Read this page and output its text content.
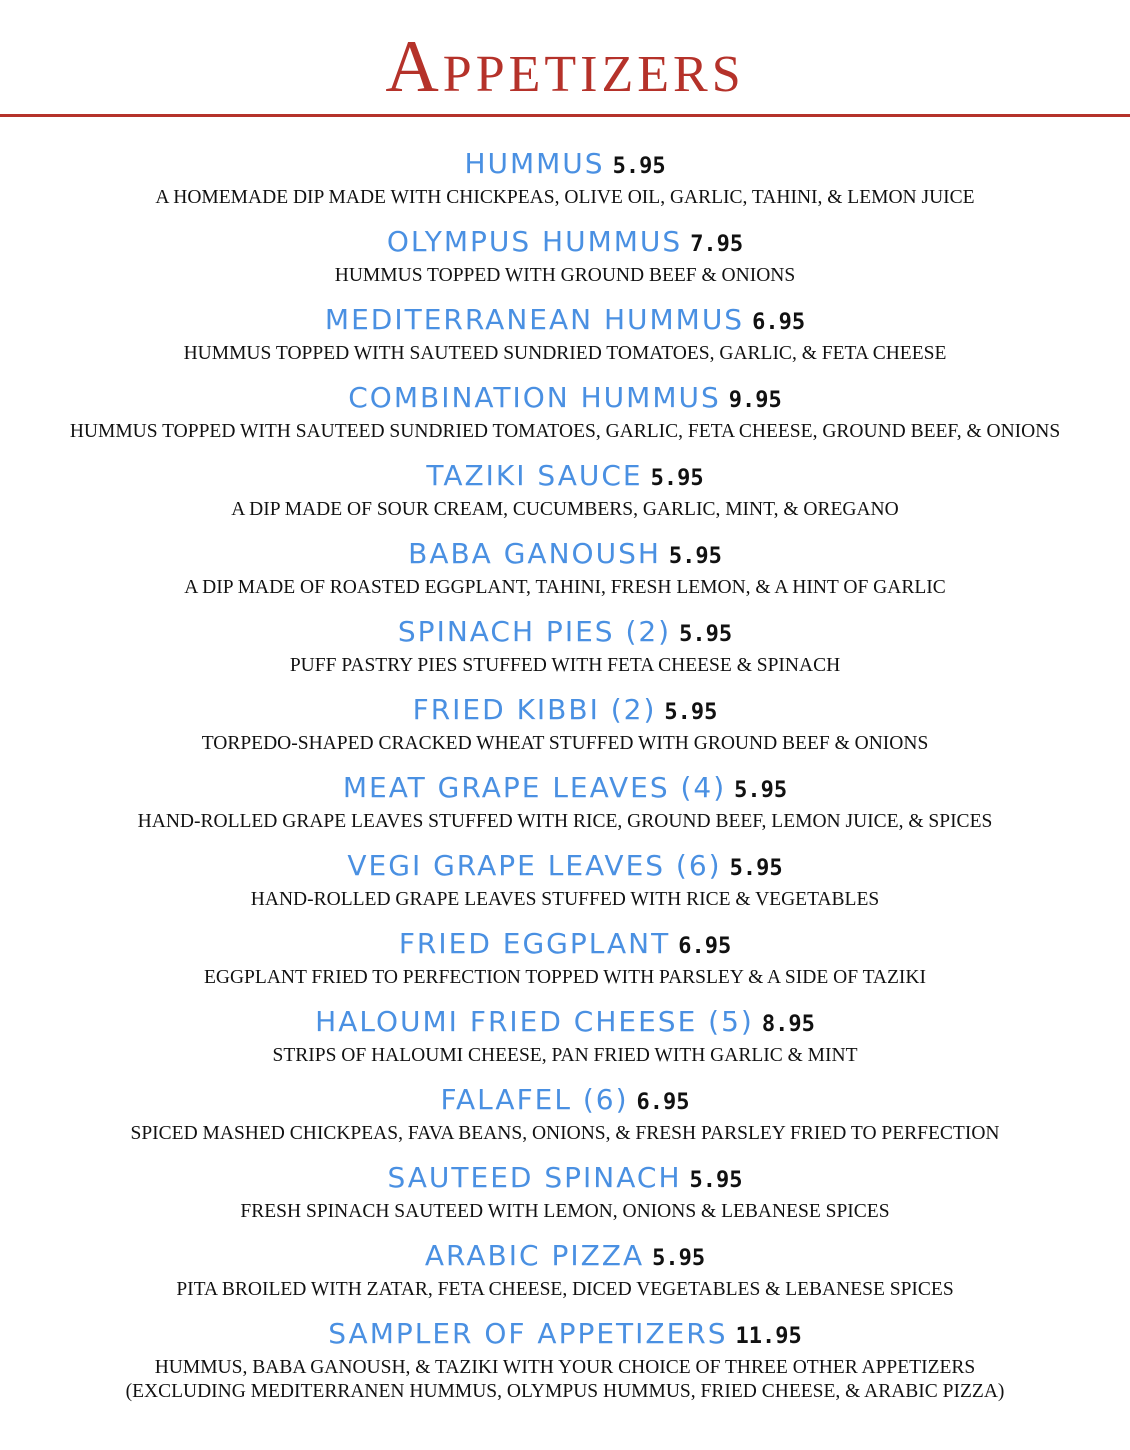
Appetizers
HUMMUS 5.95
A HOMEMADE DIP MADE WITH CHICKPEAS, OLIVE OIL, GARLIC, TAHINI, & LEMON JUICE
OLYMPUS HUMMUS 7.95
HUMMUS TOPPED WITH GROUND BEEF & ONIONS
MEDITERRANEAN HUMMUS 6.95
HUMMUS TOPPED WITH SAUTEED SUNDRIED TOMATOES, GARLIC, & FETA CHEESE
COMBINATION HUMMUS 9.95
HUMMUS TOPPED WITH SAUTEED SUNDRIED TOMATOES, GARLIC, FETA CHEESE, GROUND BEEF, & ONIONS
TAZIKI SAUCE 5.95
A DIP MADE OF SOUR CREAM, CUCUMBERS, GARLIC, MINT, & OREGANO
BABA GANOUSH 5.95
A DIP MADE OF ROASTED EGGPLANT, TAHINI, FRESH LEMON, & A HINT OF GARLIC
SPINACH PIES (2) 5.95
PUFF PASTRY PIES STUFFED WITH FETA CHEESE & SPINACH
FRIED KIBBI (2) 5.95
TORPEDO-SHAPED CRACKED WHEAT STUFFED WITH GROUND BEEF & ONIONS
MEAT GRAPE LEAVES (4) 5.95
HAND-ROLLED GRAPE LEAVES STUFFED WITH RICE, GROUND BEEF, LEMON JUICE, & SPICES
VEGI GRAPE LEAVES (6) 5.95
HAND-ROLLED GRAPE LEAVES STUFFED WITH RICE & VEGETABLES
FRIED EGGPLANT 6.95
EGGPLANT FRIED TO PERFECTION TOPPED WITH PARSLEY & A SIDE OF TAZIKI
HALOUMI FRIED CHEESE (5) 8.95
STRIPS OF HALOUMI CHEESE, PAN FRIED WITH GARLIC & MINT
FALAFEL (6) 6.95
SPICED MASHED CHICKPEAS, FAVA BEANS, ONIONS, & FRESH PARSLEY FRIED TO PERFECTION
SAUTEED SPINACH 5.95
FRESH SPINACH SAUTEED WITH LEMON, ONIONS & LEBANESE SPICES
ARABIC PIZZA 5.95
PITA BROILED WITH ZATAR, FETA CHEESE, DICED VEGETABLES & LEBANESE SPICES
SAMPLER OF APPETIZERS 11.95
HUMMUS, BABA GANOUSH, & TAZIKI WITH YOUR CHOICE OF THREE OTHER APPETIZERS
(EXCLUDING MEDITERRANEN HUMMUS, OLYMPUS HUMMUS, FRIED CHEESE, & ARABIC PIZZA)
